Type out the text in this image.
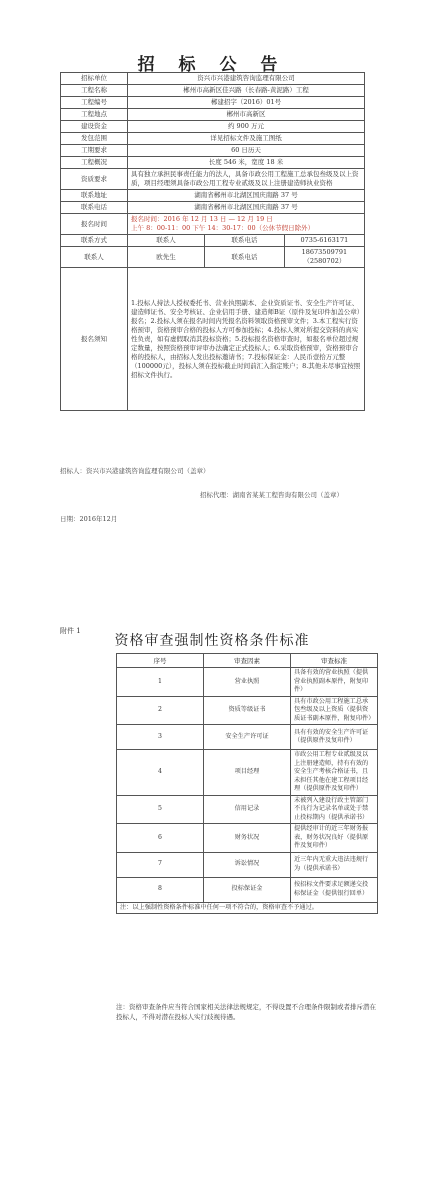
招 标 公 告
招标单位	资兴市兴港建筑咨询监理有限公司
工程名称	郴州市高新区佳兴路（长春路-黄泥路）工程
工程编号	郴建招字（2016）01号
工程地点	郴州市高新区
建设资金	约 900 万元
发包范围	详见招标文件及施工图纸
工期要求	60 日历天
工程概况	长度 546 米，宽度 18 米
资质要求	具有独立承担民事责任能力的法人，具备市政公用工程施工总承包叁级及以上资质，项目经理须具备市政公用工程专业贰级及以上注册建造师执业资格
联系地址	湖南省郴州市北湖区国庆南路 37 号
联系电话	湖南省郴州市北湖区国庆南路 37 号
报名时间	报名时间：2016 年 12 月 13 日 — 12 月 19 日
上午 8：00-11：00 下午 14：30-17：00（公休节假日除外）
联系方式		联系人	联系电话	0735-6163171

联系人		欧先生	联系电话	18673509791（2580702）

报名须知	1.投标人持法人授权委托书、营业执照副本、企业资质证书、安全生产许可证、建造师证书、安全考核证、企业信用手册、建造师B证（原件及复印件加盖公章）报名；2.投标人须在报名时间内凭报名资料领取资格预审文件；3.本工程实行资格预审，资格预审合格的投标人方可参加投标；4.投标人须对所提交资料的真实性负责，如有虚假取消其投标资格；5.投标报名资格审查时，如报名单位超过规定数量，按照资格预审评审办法确定正式投标人；6.采取资格预审，资格预审合格的投标人，由招标人发出投标邀请书；7.投标保证金：人民币壹拾万元整（100000元），投标人须在投标截止时间前汇入指定账户；8.其他未尽事宜按照招标文件执行。
招标人：资兴市兴港建筑咨询监理有限公司（盖章）
招标代理：湖南省某某工程咨询有限公司（盖章）
日期：2016年12月
附件 1
资格审查强制性资格条件标准
序号	审查因素	审查标准
1	营业执照	具备有效的营业执照（提供营业执照副本原件，附复印件）
2	资质等级证书	具有市政公用工程施工总承包叁级及以上资质（提供资质证书副本原件，附复印件）
3	安全生产许可证	具有有效的安全生产许可证（提供原件及复印件）
4	项目经理	市政公用工程专业贰级及以上注册建造师，持有有效的安全生产考核合格证书，且未担任其他在建工程项目经理（提供原件及复印件）
5	信用记录	未被列入建设行政主管部门不良行为记录名单或处于禁止投标期内（提供承诺书）
6	财务状况	提供经审计的近三年财务报表，财务状况良好（提供原件及复印件）
7	诉讼情况	近三年内无重大违法违规行为（提供承诺书）
8	投标保证金	按招标文件要求足额递交投标保证金（提供银行回单）
注：以上强制性资格条件标准中任何一项不符合的，资格审查不予通过。		
注：资格审查条件应当符合国家相关法律法规规定，不得设置不合理条件限制或者排斥潜在投标人，不得对潜在投标人实行歧视待遇。
